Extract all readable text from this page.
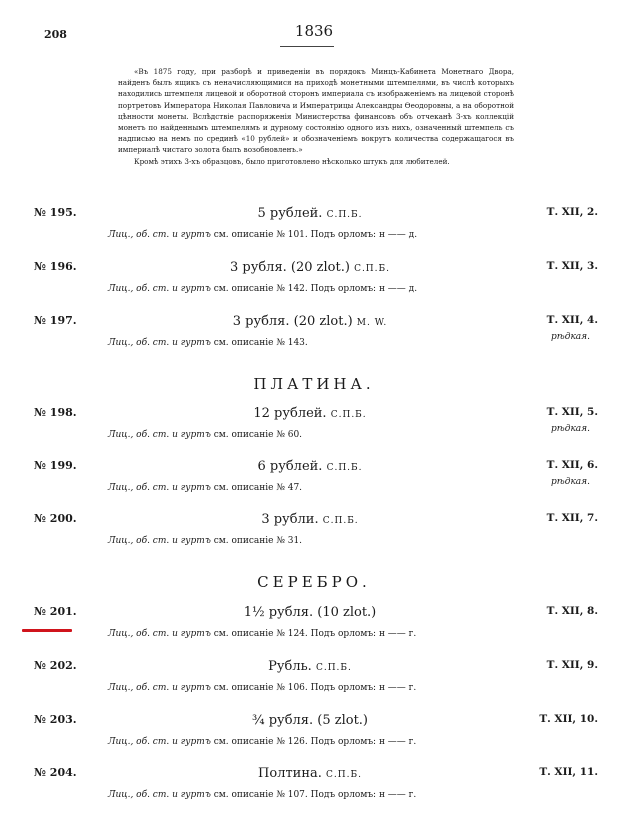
208	1836

«Въ 1875 году, при разборѣ и приведеніи въ порядокъ Минцъ-Кабинета Монетнаго Двора, найденъ былъ ящикъ съ неначисляющимися на приходѣ монетными штемпелями, въ числѣ которыхъ находились штемпеля лицевой и оборотной сторонъ империала съ изображеніемъ на лицевой сторонѣ портретовъ Императора Николая Павловича и Императрицы Александры Ѳеодоровны, а на оборотной цѣнности монеты. Вслѣдствіе распоряженія Министерства финансовъ объ отчеканѣ 3-хъ коллекцій монетъ по найденнымъ штемпелямъ и дурному состоянію одного изъ нихъ, означенный штемпель съ надписью на немъ по срединѣ «10 рублей» и обозначеніемъ вокругъ количества содержащагося въ империалѣ чистаго золота былъ возобновленъ.»

Кромѣ этихъ 3-хъ образцовъ, было приготовлено нѣсколько штукъ для любителей.

№ 195.	5 рублей. С.П.Б.	Т. XII, 2.
Лиц., об. ст. и гуртъ см. описаніе № 101. Подъ орломъ: н —— д.
№ 196.	3 рубля. (20 zlot.) С.П.Б.	Т. XII, 3.
Лиц., об. ст. и гуртъ см. описаніе № 142. Подъ орломъ: н —— д.
№ 197.	3 рубля. (20 zlot.) M. W.	Т. XII, 4.
рѣдкая.
Лиц., об. ст. и гуртъ см. описаніе № 143.
ПЛАТИНА.
№ 198.	12 рублей. С.П.Б.	Т. XII, 5.
рѣдкая.
Лиц., об. ст. и гуртъ см. описаніе № 60.
№ 199.	6 рублей. С.П.Б.	Т. XII, 6.
рѣдкая.
Лиц., об. ст. и гуртъ см. описаніе № 47.
№ 200.	3 рубли. С.П.Б.	Т. XII, 7.
Лиц., об. ст. и гуртъ см. описаніе № 31.
СЕРЕБРО.
№ 201.	1½ рубля. (10 zlot.)	Т. XII, 8.
Лиц., об. ст. и гуртъ см. описаніе № 124. Подъ орломъ: н —— г.
№ 202.	Рубль. С.П.Б.	Т. XII, 9.
Лиц., об. ст. и гуртъ см. описаніе № 106. Подъ орломъ: н —— г.
№ 203.	¾ рубля. (5 zlot.)	Т. XII, 10.
Лиц., об. ст. и гуртъ см. описаніе № 126. Подъ орломъ: н —— г.
№ 204.	Полтина. С.П.Б.	Т. XII, 11.
Лиц., об. ст. и гуртъ см. описаніе № 107. Подъ орломъ: н —— г.
